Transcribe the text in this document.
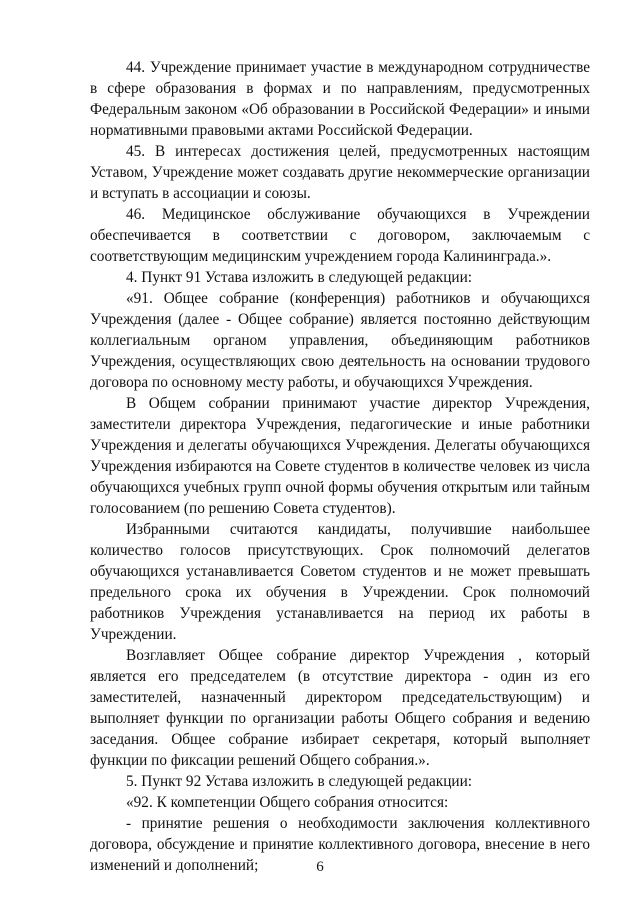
44. Учреждение принимает участие в международном сотрудничестве в сфере образования в формах и по направлениям, предусмотренных Федеральным законом «Об образовании в Российской Федерации» и иными нормативными правовыми актами Российской Федерации.

45. В интересах достижения целей, предусмотренных настоящим Уставом, Учреждение может создавать другие некоммерческие организации и вступать в ассоциации и союзы.

46. Медицинское обслуживание обучающихся в Учреждении обеспечивается в соответствии с договором, заключаемым с соответствующим медицинским учреждением города Калининграда.».

4. Пункт 91 Устава изложить в следующей редакции:

«91. Общее собрание (конференция) работников и обучающихся Учреждения (далее - Общее собрание) является постоянно действующим коллегиальным органом управления, объединяющим работников Учреждения, осуществляющих свою деятельность на основании трудового договора по основному месту работы, и обучающихся Учреждения.

В Общем собрании принимают участие директор Учреждения, заместители директора Учреждения, педагогические и иные работники Учреждения и делегаты обучающихся Учреждения. Делегаты обучающихся Учреждения избираются на Совете студентов в количестве человек из числа обучающихся учебных групп очной формы обучения открытым или тайным голосованием (по решению Совета студентов).

Избранными считаются кандидаты, получившие наибольшее количество голосов присутствующих. Срок полномочий делегатов обучающихся устанавливается Советом студентов и не может превышать предельного срока их обучения в Учреждении. Срок полномочий работников Учреждения устанавливается на период их работы в Учреждении.

Возглавляет Общее собрание директор Учреждения , который является его председателем (в отсутствие директора - один из его заместителей, назначенный директором председательствующим) и выполняет функции по организации работы Общего собрания и ведению заседания. Общее собрание избирает секретаря, который выполняет функции по фиксации решений Общего собрания.».

5. Пункт 92 Устава изложить в следующей редакции:

«92. К компетенции Общего собрания относится:

- принятие решения о необходимости заключения коллективного договора, обсуждение и принятие коллективного договора, внесение в него изменений и дополнений;	6
